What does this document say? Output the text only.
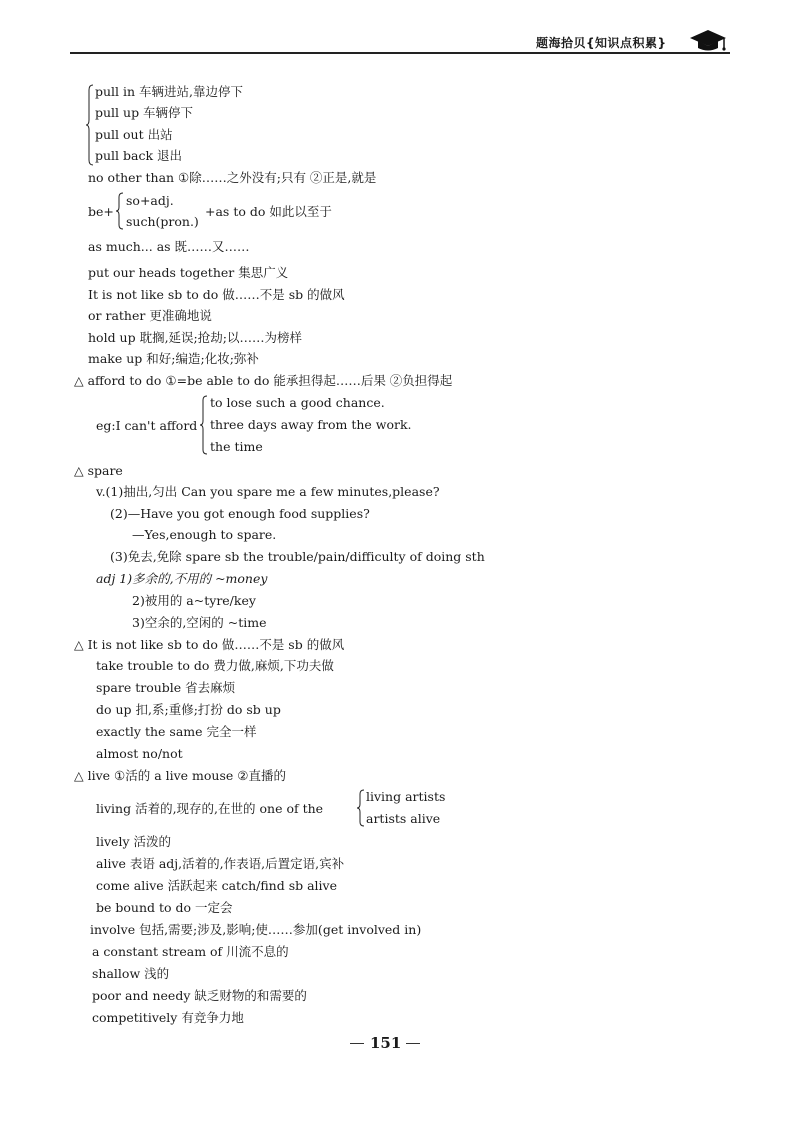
题海拾贝{知识点积累}
pull in 车辆进站,靠边停下
pull up 车辆停下
pull out 出站
pull back 退出
no other than ①除……之外没有;只有 ②正是,就是
be+
so+adj.
such(pron.)
+as to do 如此以至于
as much... as 既……又……
put our heads together 集思广义
It is not like sb to do 做……不是 sb 的做风
or rather 更准确地说
hold up 耽搁,延误;抢劫;以……为榜样
make up 和好;编造;化妆;弥补
△ afford to do ①=be able to do 能承担得起……后果 ②负担得起
eg:I can't afford
to lose such a good chance.
three days away from the work.
the time
△ spare
v.(1)抽出,匀出 Can you spare me a few minutes,please?
(2)—Have you got enough food supplies?
—Yes,enough to spare.
(3)免去,免除 spare sb the trouble/pain/difficulty of doing sth
adj 1)多余的,不用的 ~money
2)被用的 a~tyre/key
3)空余的,空闲的 ~time
△ It is not like sb to do 做……不是 sb 的做风
take trouble to do 费力做,麻烦,下功夫做
spare trouble 省去麻烦
do up 扣,系;重修;打扮 do sb up
exactly the same 完全一样
almost no/not
△ live ①活的 a live mouse ②直播的
living 活着的,现存的,在世的 one of the
living artists
artists alive
lively 活泼的
alive 表语 adj,活着的,作表语,后置定语,宾补
come alive 活跃起来 catch/find sb alive
be bound to do 一定会
involve 包括,需要;涉及,影响;使……参加(get involved in)
a constant stream of 川流不息的
shallow 浅的
poor and needy 缺乏财物的和需要的
competitively 有竞争力地
151
